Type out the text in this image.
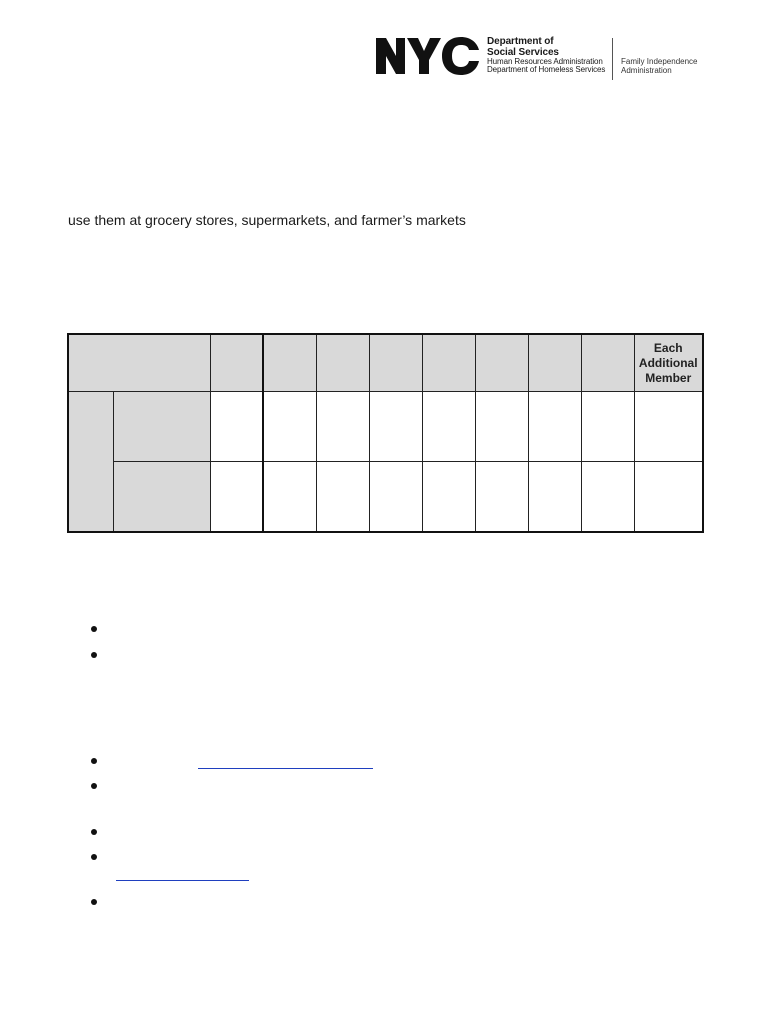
Department of
Social Services
Human Resources Administration
Department of Homeless Services
Family Independence
Administration
use them at grocery stores, supermarkets, and farmer’s markets

										Each
Additional
Member
